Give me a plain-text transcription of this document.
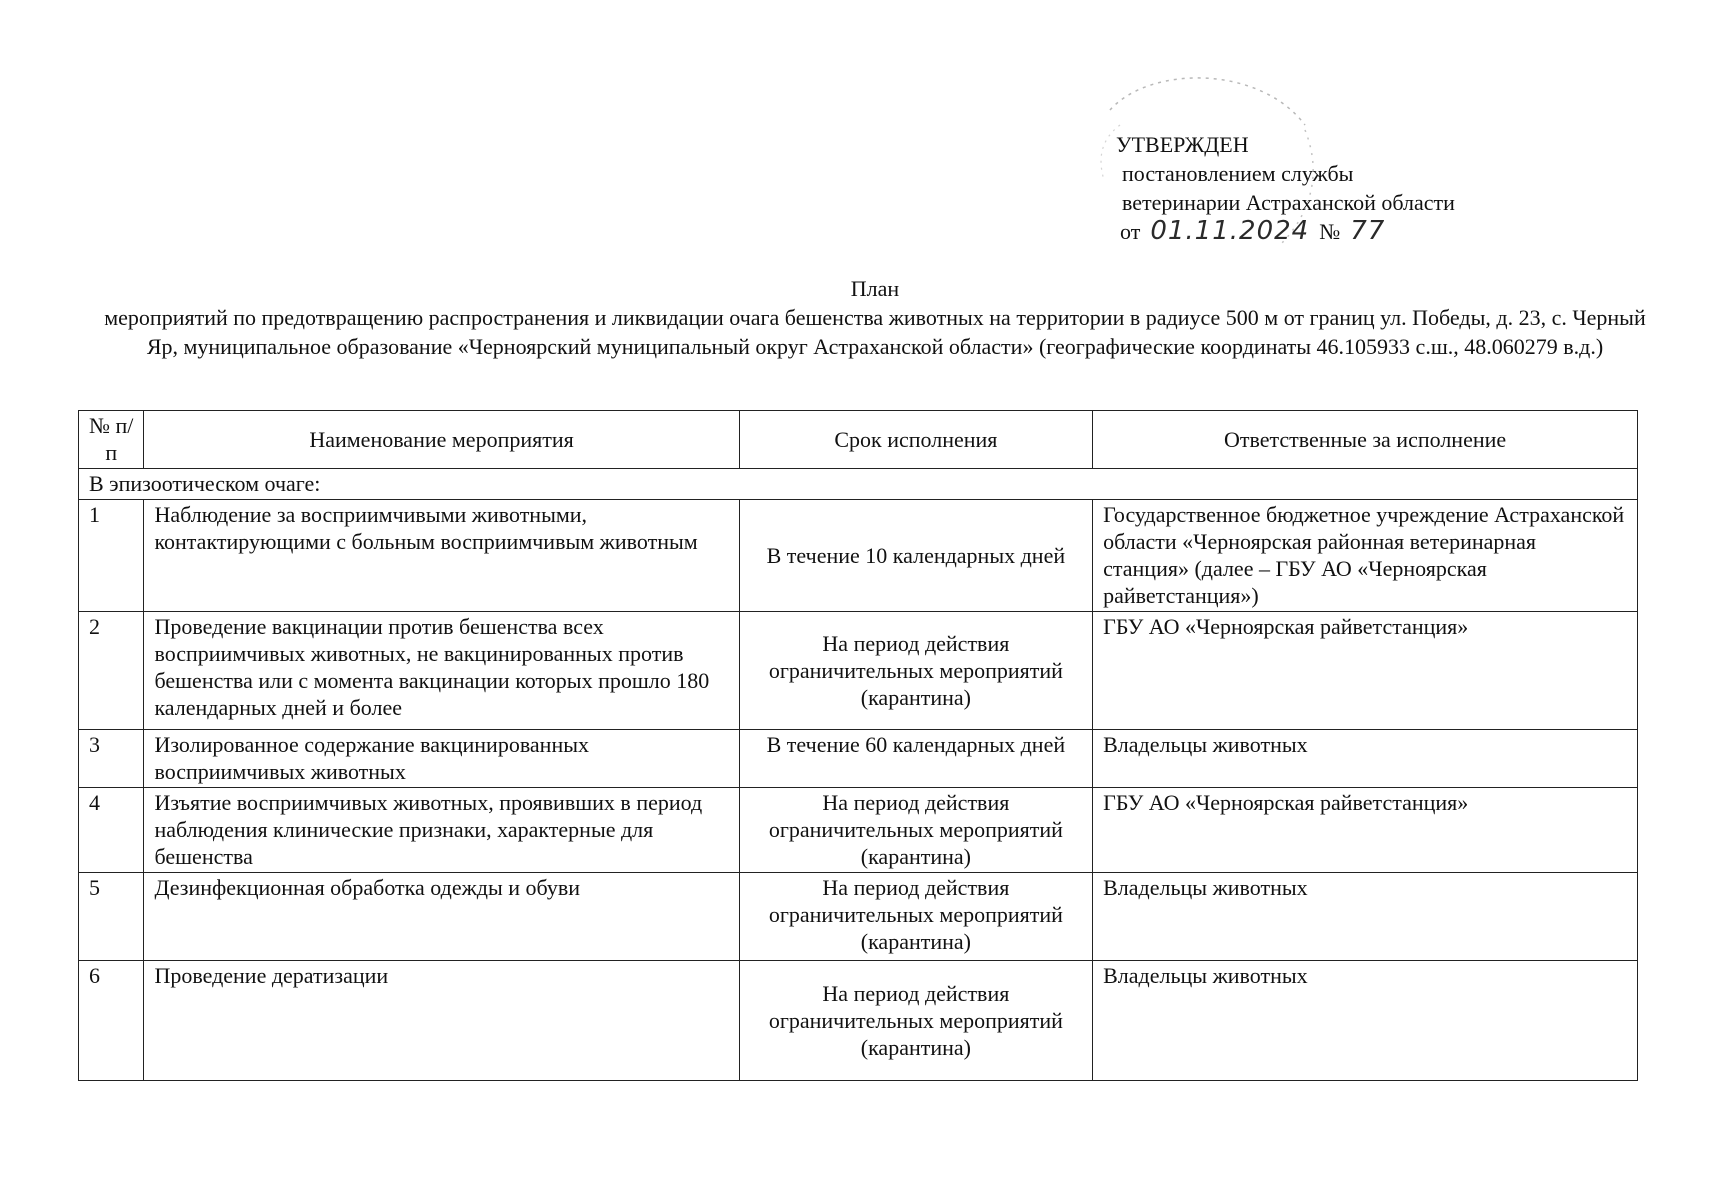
УТВЕРЖДЕН
постановлением службы
ветеринарии Астраханской области
от 01.11.2024 № 77
План
мероприятий по предотвращению распространения и ликвидации очага бешенства животных на территории в радиусе 500 м от границ ул. Победы, д. 23, с. Черный Яр, муниципальное образование «Черноярский муниципальный округ Астраханской области» (географические координаты 46.105933 с.ш., 48.060279 в.д.)
№ п/п	Наименование мероприятия	Срок исполнения	Ответственные за исполнение
В эпизоотическом очаге:			
1	Наблюдение за восприимчивыми животными, контактирующими с больным восприимчивым животным	В течение 10 календарных дней	Государственное бюджетное учреждение Астраханской области «Черноярская районная ветеринарная станция» (далее – ГБУ АО «Черноярская райветстанция»)
2	Проведение вакцинации против бешенства всех восприимчивых животных, не вакцинированных против бешенства или с момента вакцинации которых прошло 180 календарных дней и более	На период действия ограничительных мероприятий (карантина)	ГБУ АО «Черноярская райветстанция»
3	Изолированное содержание вакцинированных восприимчивых животных	В течение 60 календарных дней	Владельцы животных
4	Изъятие восприимчивых животных, проявивших в период наблюдения клинические признаки, характерные для бешенства	На период действия ограничительных мероприятий (карантина)	ГБУ АО «Черноярская райветстанция»
5	Дезинфекционная обработка одежды и обуви	На период действия ограничительных мероприятий (карантина)	Владельцы животных
6	Проведение дератизации	На период действия ограничительных мероприятий (карантина)	Владельцы животных
